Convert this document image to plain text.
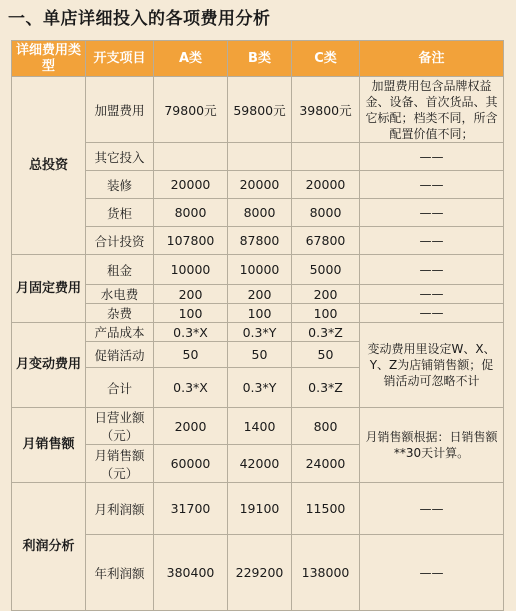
一、单店详细投入的各项费用分析
详细费用类型	开支项目	A类	B类	C类	备注
总投资	加盟费用	79800元	59800元	39800元	加盟费用包含品牌权益金、设备、首次货品、其它标配；档类不同，所含配置价值不同；
	其它投入				——
	装修	20000	20000	20000	——
	货柜	8000	8000	8000	——
	合计投资	107800	87800	67800	——
月固定费用	租金	10000	10000	5000	——
	水电费	200	200	200	——
	杂费	100	100	100	——
月变动费用	产品成本	0.3*X	0.3*Y	0.3*Z	变动费用里设定W、X、Y、Z为店铺销售额；促销活动可忽略不计
	促销活动	50	50	50	
	合计	0.3*X	0.3*Y	0.3*Z	
月销售额	日营业额（元）	2000	1400	800	月销售额根据：日销售额**30天计算。
	月销售额（元）	60000	42000	24000	
利润分析	月利润额	31700	19100	11500	——
	年利润额	380400	229200	138000	——
